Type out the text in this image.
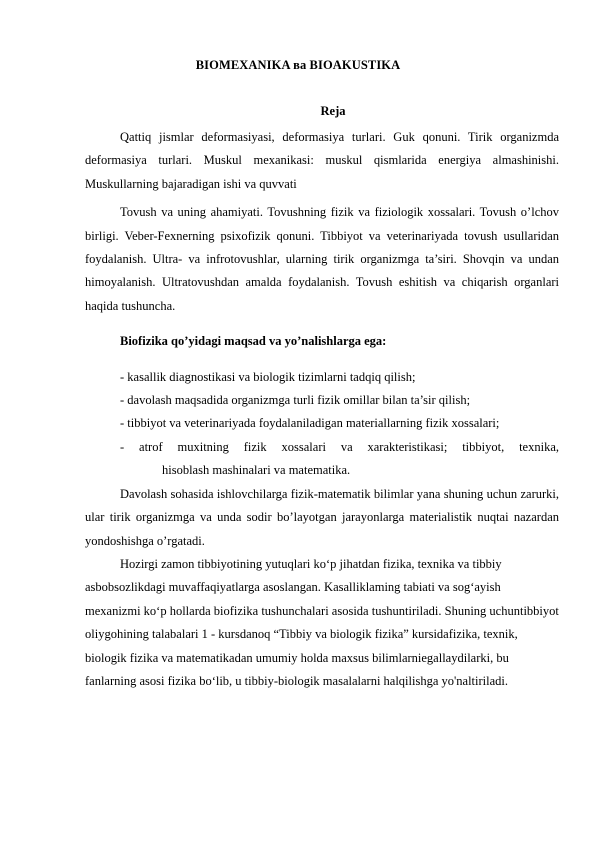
BIOMEXANIKA ва BIOAKUSTIKA
Reja

Qattiq jismlar deformasiyasi, deformasiya turlari. Guk qonuni. Tirik organizmda deformasiya turlari. Muskul mexanikasi: muskul qismlarida energiya almashinishi. Muskullarning bajaradigan ishi va quvvati

Tovush va uning ahamiyati. Tovushning fizik va fiziologik xossalari. Tovush o’lchov birligi. Veber-Fexnerning psixofizik qonuni. Tibbiyot va veterinariyada tovush usullaridan foydalanish. Ultra- va infrotovushlar, ularning tirik organizmga ta’siri. Shovqin va undan himoyalanish. Ultratovushdan amalda foydalanish. Tovush eshitish va chiqarish organlari haqida tushuncha.

Biofizika qo’yidagi maqsad va yo’nalishlarga ega:

- kasallik diagnostikasi va biologik tizimlarni tadqiq qilish;

- davolash maqsadida organizmga turli fizik omillar bilan ta’sir qilish;

- tibbiyot va veterinariyada foydalaniladigan materiallarning fizik xossalari;

- atrof muxitning fizik xossalari va xarakteristikasi; tibbiyot, texnika,

hisoblash mashinalari va matematika.

Davolash sohasida ishlovchilarga fizik-matematik bilimlar yana shuning uchun zarurki, ular tirik organizmga va unda sodir bo’layotgan jarayonlarga materialistik nuqtai nazardan yondoshishga o’rgatadi.

Hozirgi zamon tibbiyotining yutuqlari ko‘p jihatdan fizika, texnika va tibbiy asbobsozlikdagi muvaffaqiyatlarga asoslangan. Kasalliklaming tabiati va sog‘ayish mexanizmi ko‘p hollarda biofizika tushunchalari asosida tushuntiriladi. Shuning uchuntibbiyot oliygohining talabalari 1 - kursdanoq “Tibbiy va biologik fizika” kursidafizika, texnik, biologik fizika va matematikadan umumiy holda maxsus bilimlarniegallaydilarki, bu fanlarning asosi fizika bo‘lib, u tibbiy-biologik masalalarni halqilishga yo'naltiriladi.
